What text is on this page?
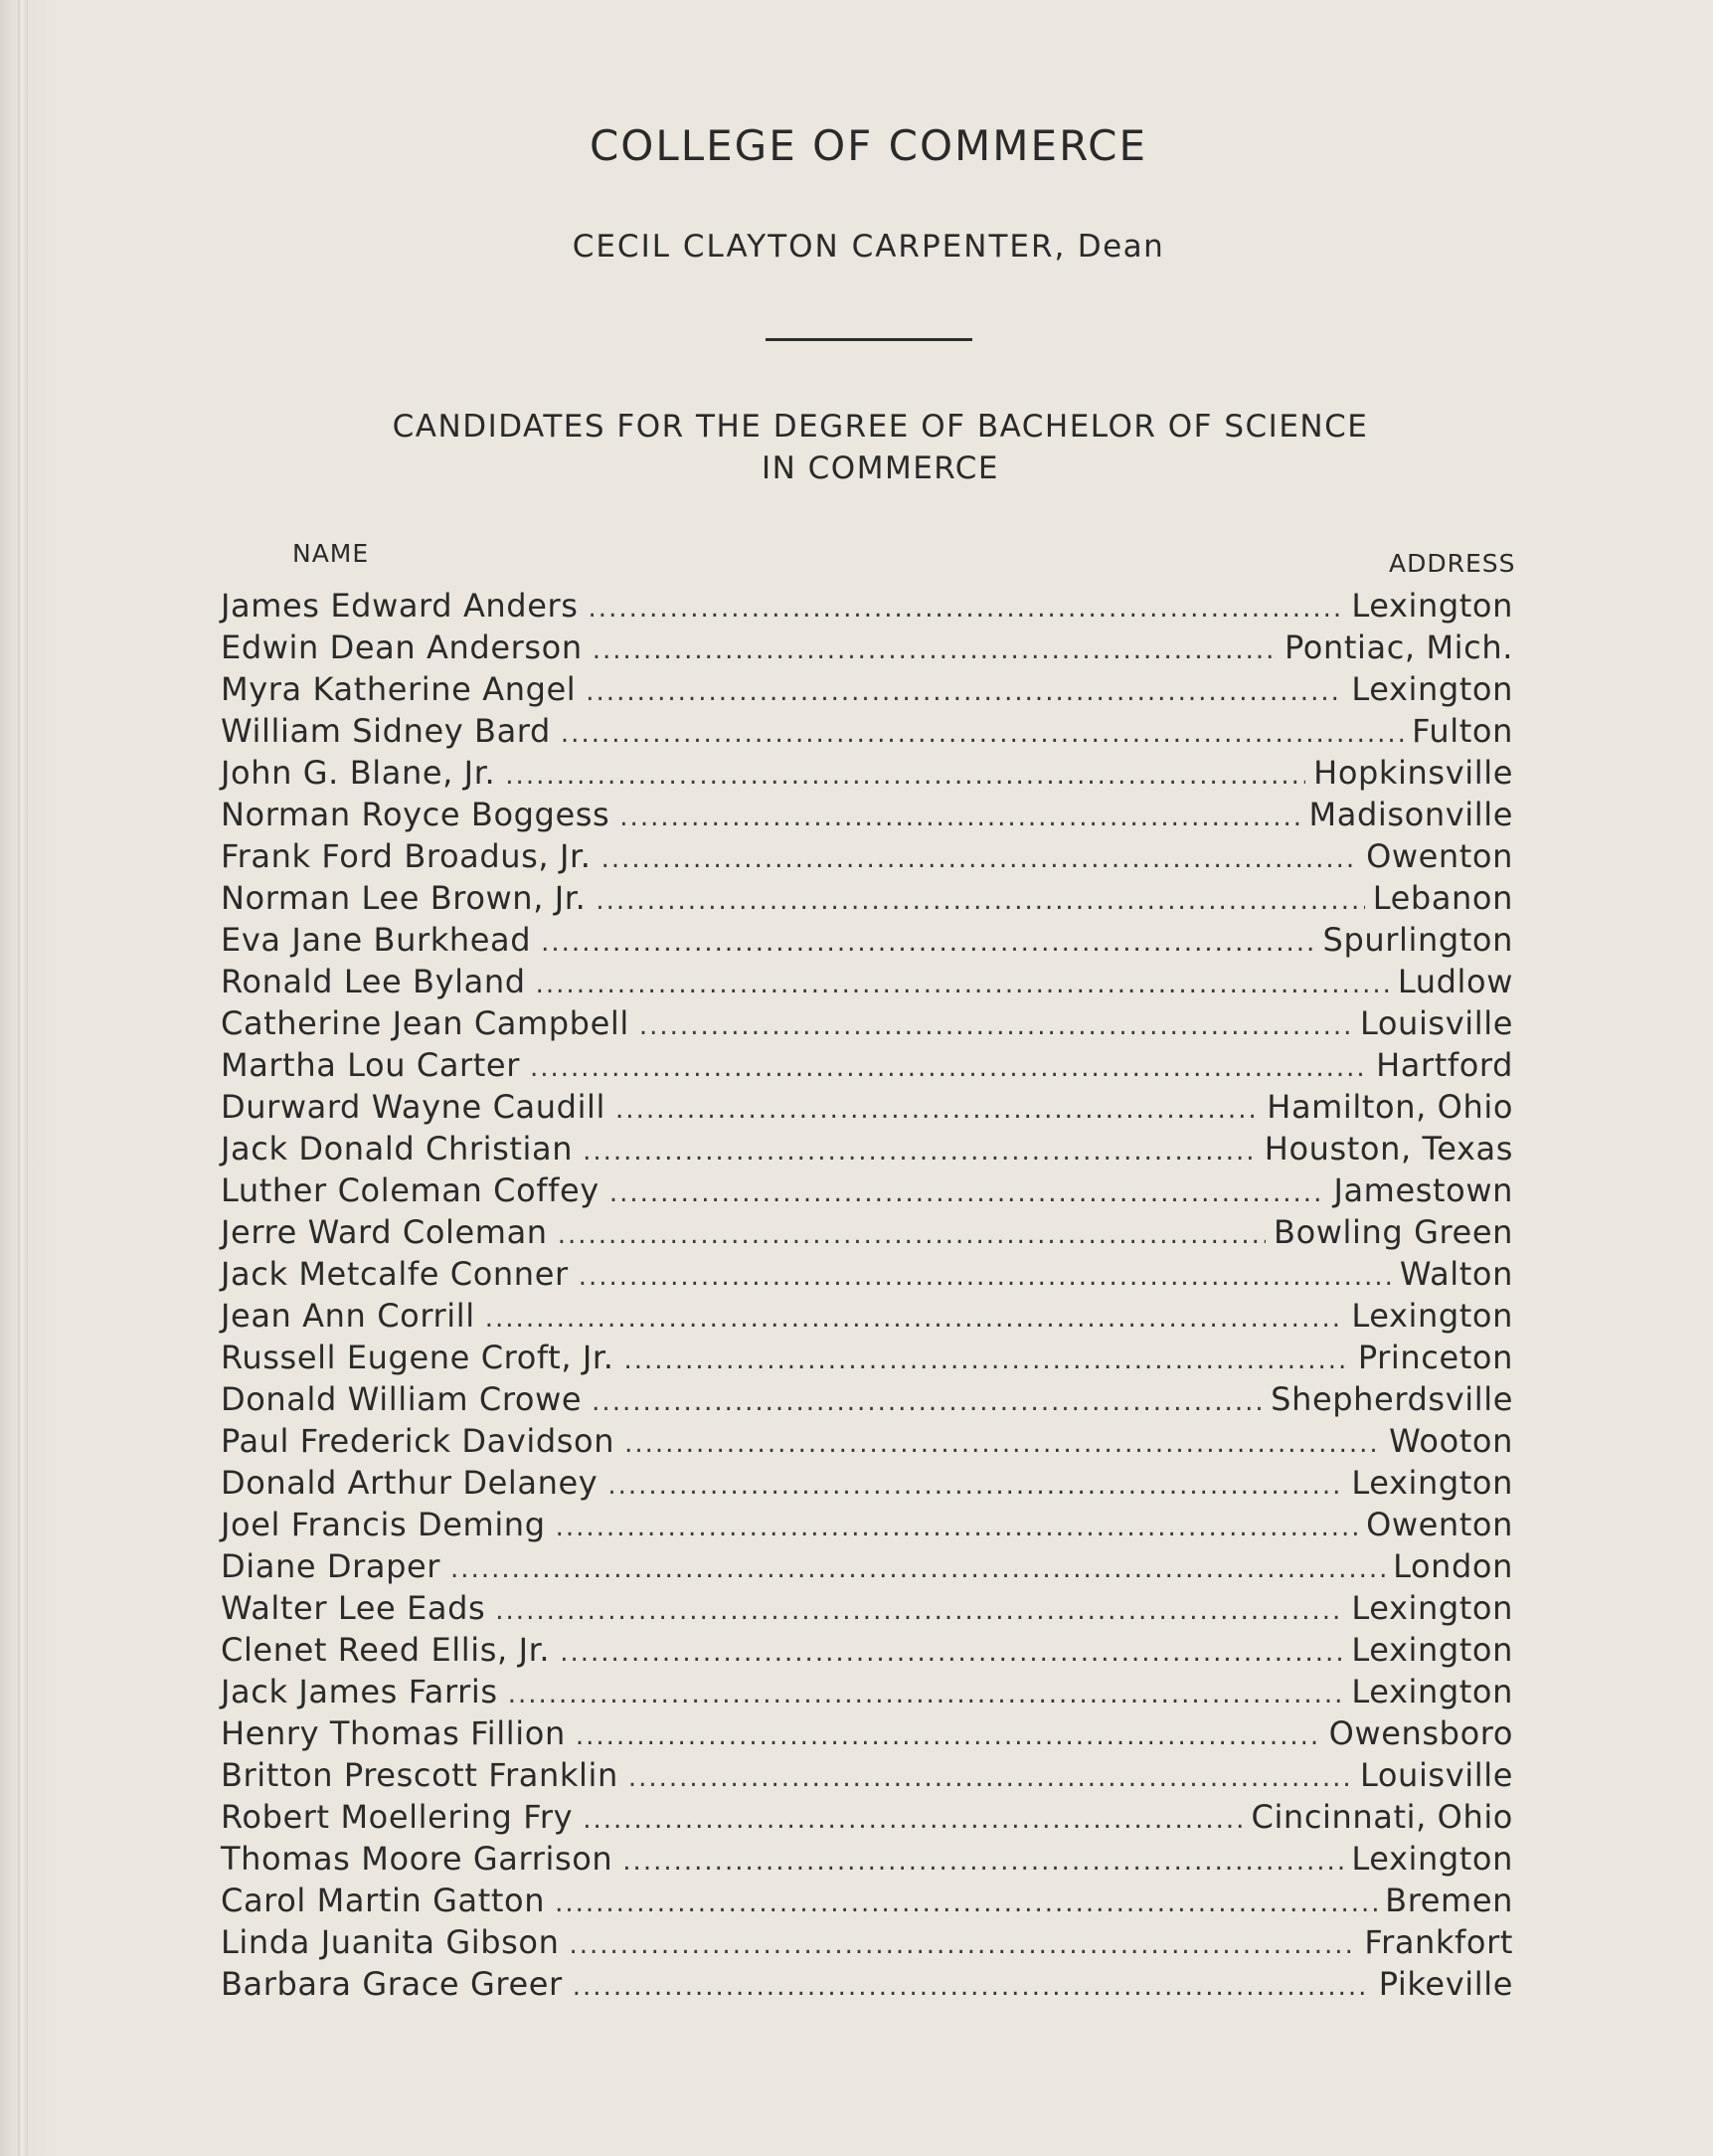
COLLEGE OF COMMERCE
CECIL CLAYTON CARPENTER, Dean
CANDIDATES FOR THE DEGREE OF BACHELOR OF SCIENCE
IN COMMERCE
NAME	ADDRESS
James Edward Anders .....	Lexington
Edwin Dean Anderson .....	Pontiac, Mich.
Myra Katherine Angel .....	Lexington
William Sidney Bard .....	Fulton
John G. Blane, Jr. .....	Hopkinsville
Norman Royce Boggess .....	Madisonville
Frank Ford Broadus, Jr. .....	Owenton
Norman Lee Brown, Jr. .....	Lebanon
Eva Jane Burkhead .....	Spurlington
Ronald Lee Byland .....	Ludlow
Catherine Jean Campbell .....	Louisville
Martha Lou Carter .....	Hartford
Durward Wayne Caudill .....	Hamilton, Ohio
Jack Donald Christian .....	Houston, Texas
Luther Coleman Coffey .....	Jamestown
Jerre Ward Coleman .....	Bowling Green
Jack Metcalfe Conner .....	Walton
Jean Ann Corrill .....	Lexington
Russell Eugene Croft, Jr. .....	Princeton
Donald William Crowe .....	Shepherdsville
Paul Frederick Davidson .....	Wooton
Donald Arthur Delaney .....	Lexington
Joel Francis Deming .....	Owenton
Diane Draper .....	London
Walter Lee Eads .....	Lexington
Clenet Reed Ellis, Jr. .....	Lexington
Jack James Farris .....	Lexington
Henry Thomas Fillion .....	Owensboro
Britton Prescott Franklin .....	Louisville
Robert Moellering Fry .....	Cincinnati, Ohio
Thomas Moore Garrison .....	Lexington
Carol Martin Gatton .....	Bremen
Linda Juanita Gibson .....	Frankfort
Barbara Grace Greer .....	Pikeville
